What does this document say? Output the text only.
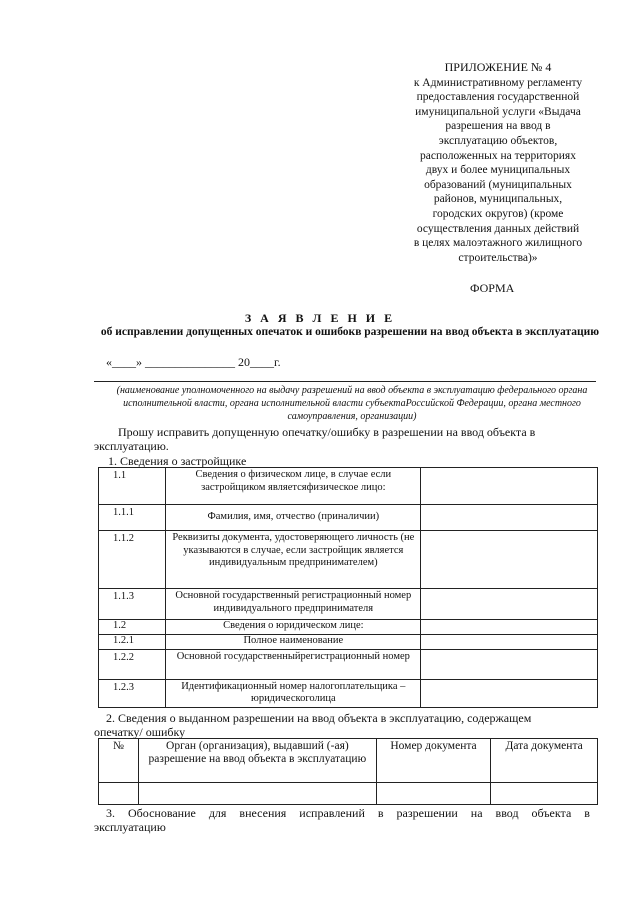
ПРИЛОЖЕНИЕ № 4
к Административному регламенту
предоставления государственной
имуниципальной услуги «Выдача
разрешения на ввод в
эксплуатацию объектов,
расположенных на территориях
двух и более муниципальных
образований (муниципальных
районов, муниципальных,
городских округов) (кроме
осуществления данных действий
в целях малоэтажного жилищного
строительства)»
ФОРМА
З А Я В Л Е Н И Е
об исправлении допущенных опечаток и ошибокв разрешении на ввод объекта в эксплуатацию
«____» _______________ 20____г.
(наименование уполномоченного на выдачу разрешений на ввод объекта в эксплуатацию федерального органа исполнительной власти, органа исполнительной власти субъектаРоссийской Федерации, органа местного самоуправления, организации)
Прошу исправить допущенную опечатку/ошибку в разрешении на ввод объекта в
эксплуатацию.
1. Сведения о застройщике
1.1	Сведения о физическом лице, в случае если застройщиком являетсяфизическое лицо:	
1.1.1	Фамилия, имя, отчество (приналичии)	
1.1.2	Реквизиты документа, удостоверяющего личность (не указываются в случае, если застройщик является индивидуальным предпринимателем)	
1.1.3	Основной государственный регистрационный номер индивидуального предпринимателя	
1.2	Сведения о юридическом лице:	
1.2.1	Полное наименование	
1.2.2	Основной государственныйрегистрационный номер	
1.2.3	Идентификационный номер налогоплательщика – юридическоголица	
2. Сведения о выданном разрешении на ввод объекта в эксплуатацию, содержащем
опечатку/ ошибку
№	Орган (организация), выдавший (-ая) разрешение на ввод объекта в эксплуатацию	Номер документа	Дата документа

3. Обоснование для внесения исправлений в разрешении на ввод объекта в
эксплуатацию
